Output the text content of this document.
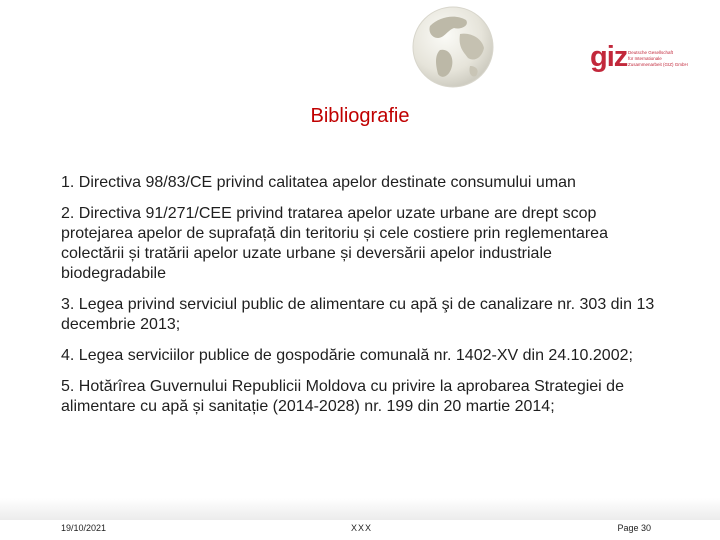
giz Deutsche Gesellschaft
für Internationale
Zusammenarbeit (GIZ) GmbH
Bibliografie
1. Directiva 98/83/CE privind calitatea apelor destinate consumului uman
2. Directiva 91/271/CEE privind tratarea apelor uzate urbane are drept scop protejarea apelor de suprafață din teritoriu și cele costiere prin reglementarea colectării și tratării apelor uzate urbane și deversării apelor industriale biodegradabile
3. Legea privind serviciul public de alimentare cu apă şi de canalizare nr. 303 din 13 decembrie 2013;
4. Legea serviciilor publice de gospodărie comunală nr. 1402-XV din 24.10.2002;
5. Hotărîrea Guvernului Republicii Moldova cu privire la aprobarea Strategiei de alimentare cu apă și sanitație (2014-2028) nr. 199 din 20 martie 2014;
19/10/2021	XXX	Page 30
